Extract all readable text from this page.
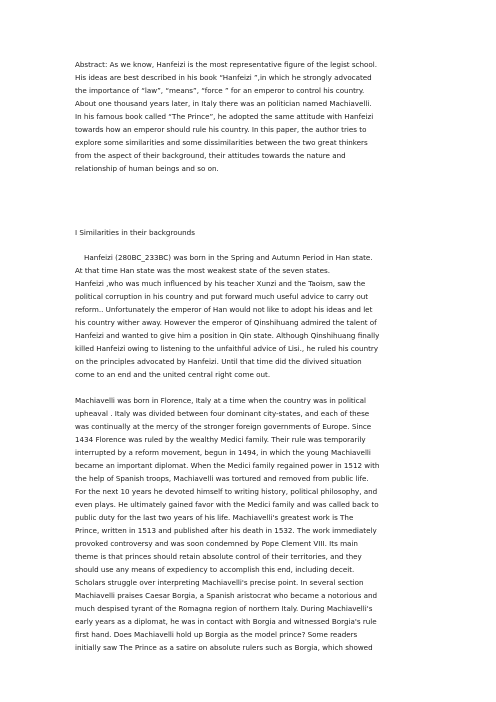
Abstract: As we know, Hanfeizi is the most representative figure of the legist school.
His ideas are best described in his book “Hanfeizi ”,in which he strongly advocated
the importance of “law”, “means”, “force ” for an emperor to control his country.
About one thousand years later, in Italy there was an politician named Machiavelli.
In his famous book called “The Prince”, he adopted the same attitude with Hanfeizi
towards how an emperor should rule his country. In this paper, the author tries to
explore some similarities and some dissimilarities between the two great thinkers
from the aspect of their background, their attitudes towards the nature and
relationship of human beings and so on.
I Similarities in their backgrounds
Hanfeizi (280BC_233BC) was born in the Spring and Autumn Period in Han state.
At that time Han state was the most weakest state of the seven states.
Hanfeizi ,who was much influenced by his teacher Xunzi and the Taoism, saw the
political corruption in his country and put forward much useful advice to carry out
reform.. Unfortunately the emperor of Han would not like to adopt his ideas and let
his country wither away. However the emperor of Qinshihuang admired the talent of
Hanfeizi and wanted to give him a position in Qin state. Although Qinshihuang finally
killed Hanfeizi owing to listening to the unfaithful advice of Lisi., he ruled his country
on the principles advocated by Hanfeizi. Until that time did the divived situation
come to an end and the united central right come out.
Machiavelli was born in Florence, Italy at a time when the country was in political
upheaval . Italy was divided between four dominant city-states, and each of these
was continually at the mercy of the stronger foreign governments of Europe. Since
1434 Florence was ruled by the wealthy Medici family. Their rule was temporarily
interrupted by a reform movement, begun in 1494, in which the young Machiavelli
became an important diplomat. When the Medici family regained power in 1512 with
the help of Spanish troops, Machiavelli was tortured and removed from public life.
For the next 10 years he devoted himself to writing history, political philosophy, and
even plays. He ultimately gained favor with the Medici family and was called back to
public duty for the last two years of his life. Machiavelli's greatest work is The
Prince, written in 1513 and published after his death in 1532. The work immediately
provoked controversy and was soon condemned by Pope Clement VIII. Its main
theme is that princes should retain absolute control of their territories, and they
should use any means of expediency to accomplish this end, including deceit.
Scholars struggle over interpreting Machiavelli's precise point. In several section
Machiavelli praises Caesar Borgia, a Spanish aristocrat who became a notorious and
much despised tyrant of the Romagna region of northern Italy. During Machiavelli's
early years as a diplomat, he was in contact with Borgia and witnessed Borgia's rule
first hand. Does Machiavelli hold up Borgia as the model prince? Some readers
initially saw The Prince as a satire on absolute rulers such as Borgia, which showed
